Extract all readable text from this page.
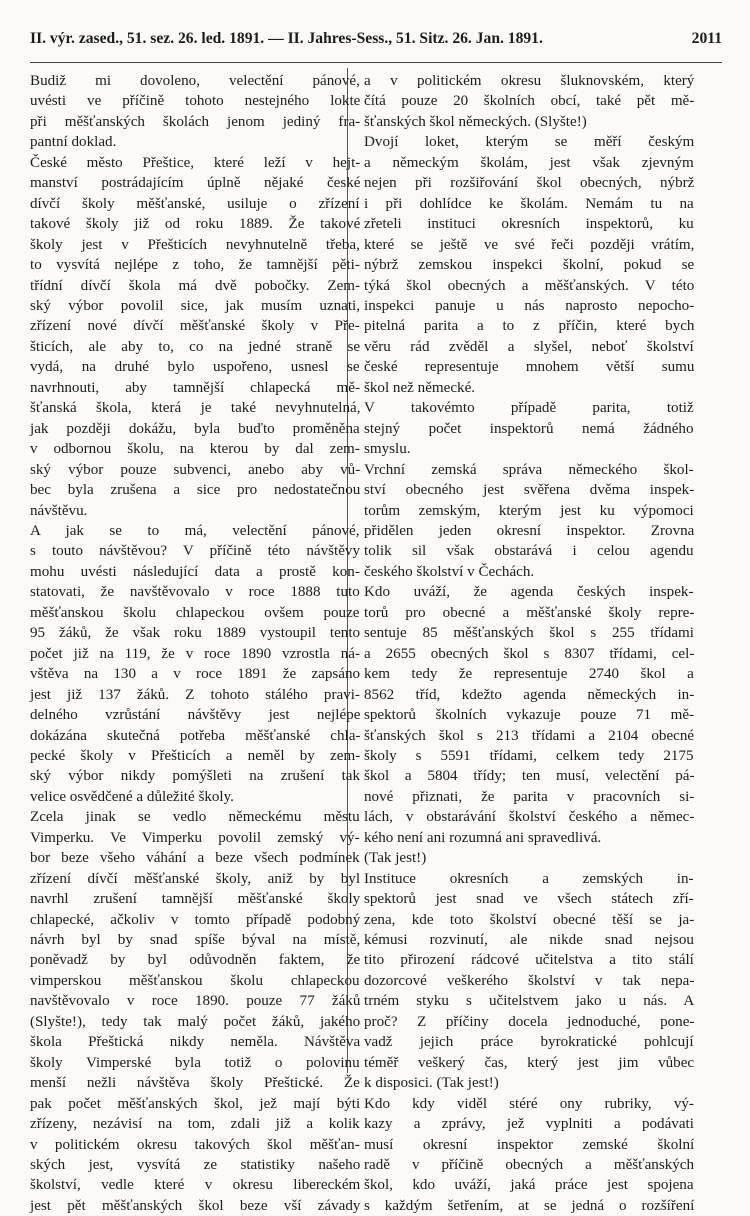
II. výr. zased., 51. sez. 26. led. 1891. — II. Jahres-Sess., 51. Sitz. 26. Jan. 1891.	2011
Budiž mi dovoleno, velectění pánové,
uvésti ve příčině tohoto nestejného lokte
při měšťanských školách jenom jediný fra-
pantní doklad.
České město Přeštice, které leží v hejt-
manství postrádajícím úplně nějaké české
dívčí školy měšťanské, usiluje o zřízení
takové školy již od roku 1889. Že takové
školy jest v Přešticích nevyhnutelně třeba,
to vysvítá nejlépe z toho, že tamnější pěti-
třídní dívčí škola má dvě pobočky. Zem-
ský výbor povolil sice, jak musím uznati,
zřízení nové dívčí měšťanské školy v Pře-
šticích, ale aby to, co na jedné straně se
vydá, na druhé bylo uspořeno, usnesl se
navrhnouti, aby tamnější chlapecká mě-
šťanská škola, která je také nevyhnutelná,
jak později dokážu, byla buďto proměněna
v odbornou školu, na kterou by dal zem-
ský výbor pouze subvenci, anebo aby vů-
bec byla zrušena a sice pro nedostatečnou
návštěvu.
A jak se to má, velectění pánové,
s touto návštěvou? V příčině této návštěvy
mohu uvésti následující data a prostě kon-
statovati, že navštěvovalo v roce 1888 tuto
měšťanskou školu chlapeckou ovšem pouze
95 žáků, že však roku 1889 vystoupil tento
počet již na 119, že v roce 1890 vzrostla ná-
vštěva na 130 a v roce 1891 že zapsáno
jest již 137 žáků. Z tohoto stálého pravi-
delného vzrůstání návštěvy jest nejlépe
dokázána skutečná potřeba měšťanské chla-
pecké školy v Přešticích a neměl by zem-
ský výbor nikdy pomýšleti na zrušení tak
velice osvědčené a důležité školy.
Zcela jinak se vedlo německému městu
Vimperku. Ve Vimperku povolil zemský vý-
bor beze všeho váhání a beze všech podmínek
zřízení dívčí měšťanské školy, aniž by byl
navrhl zrušení tamnější měšťanské školy
chlapecké, ačkoliv v tomto případě podobný
návrh byl by snad spíše býval na místě,
poněvadž by byl odůvodněn faktem, že
vimperskou měšťanskou školu chlapeckou
navštěvovalo v roce 1890. pouze 77 žáků
(Slyšte!), tedy tak malý počet žáků, jakého
škola Přeštická nikdy neměla. Návštěva
školy Vimperské byla totiž o polovinu
menší nežli návštěva školy Přeštické. Že
pak počet měšťanských škol, jež mají býti
zřízeny, nezávisí na tom, zdali již a kolik
v politickém okresu takových škol měšťan-
ských jest, vysvítá ze statistiky našeho
školství, vedle které v okresu libereckém
jest pět měšťanských škol beze vší závady
a v politickém okresu šluknovském, který
čítá pouze 20 školních obcí, také pět mě-
šťanských škol německých. (Slyšte!)
Dvojí loket, kterým se měří českým
a německým školám, jest však zjevným
nejen při rozšiřování škol obecných, nýbrž
i při dohlídce ke školám. Nemám tu na
zřeteli instituci okresních inspektorů, ku
které se ještě ve své řeči později vrátím,
nýbrž zemskou inspekci školní, pokud se
týká škol obecných a měšťanských. V této
inspekci panuje u nás naprosto nepocho-
pitelná parita a to z příčin, které bych
věru rád zvěděl a slyšel, neboť školství
české representuje mnohem větší sumu
škol než německé.
V takovémto případě parita, totiž
stejný počet inspektorů nemá žádného
smyslu.
Vrchní zemská správa německého škol-
ství obecného jest svěřena dvěma inspek-
torům zemským, kterým jest ku výpomoci
přidělen jeden okresní inspektor. Zrovna
tolik sil však obstarává i celou agendu
českého školství v Čechách.
Kdo uváží, že agenda českých inspek-
torů pro obecné a měšťanské školy repre-
sentuje 85 měšťanských škol s 255 třídami
a 2655 obecných škol s 8307 třídami, cel-
kem tedy že representuje 2740 škol a
8562 tříd, kdežto agenda německých in-
spektorů školních vykazuje pouze 71 mě-
šťanských škol s 213 třídami a 2104 obecné
školy s 5591 třídami, celkem tedy 2175
škol a 5804 třídy; ten musí, velectění pá-
nové přiznati, že parita v pracovních si-
lách, v obstarávání školství českého a němec-
kého není ani rozumná ani spravedlivá.
(Tak jest!)
Instituce okresních a zemských in-
spektorů jest snad ve všech státech zří-
zena, kde toto školství obecné těší se ja-
kémusi rozvinutí, ale nikde snad nejsou
tito přirození rádcové učitelstva a tito stálí
dozorcové veškerého školství v tak nepa-
trném styku s učitelstvem jako u nás. A
proč? Z příčiny docela jednoduché, pone-
vadž jejich práce byrokratické pohlcují
téměř veškerý čas, který jest jim vůbec
k disposici. (Tak jest!)
Kdo kdy viděl stéré ony rubriky, vý-
kazy a zprávy, jež vyplniti a podávati
musí okresní inspektor zemské školní
radě v příčině obecných a měšťanských
škol, kdo uváží, jaká práce jest spojena
s každým šetřením, at se jedná o rozšíření
